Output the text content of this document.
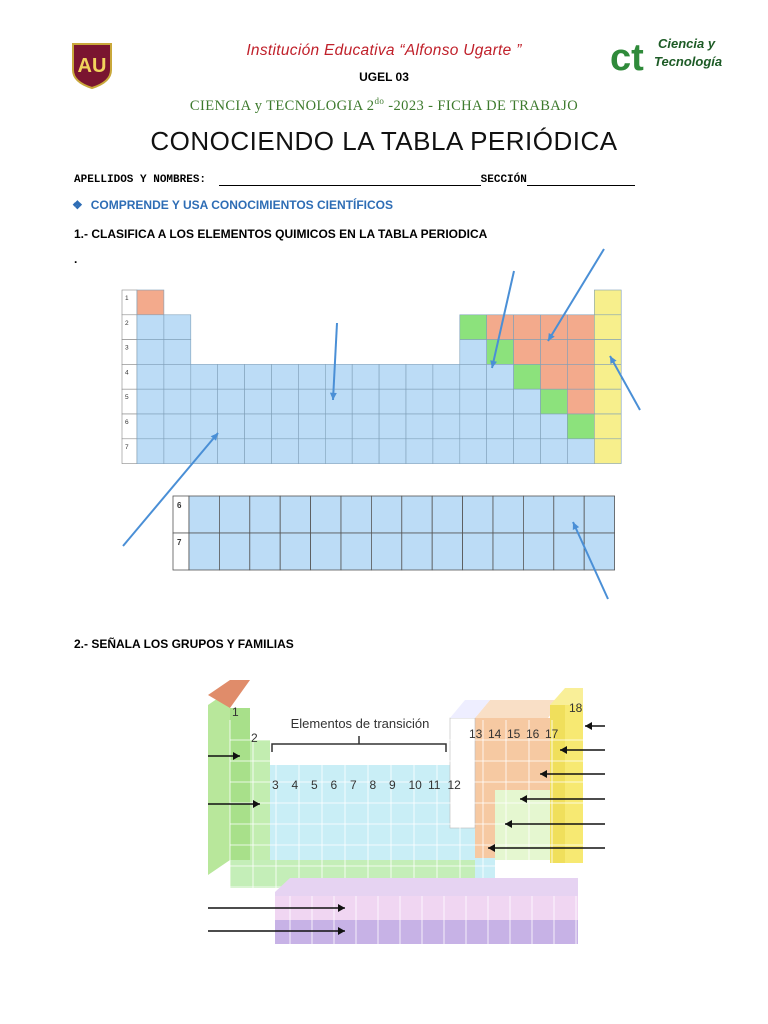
AU	ct Ciencia y
Tecnología
Institución Educativa “Alfonso Ugarte ”
UGEL 03
CIENCIA y TECNOLOGIA $2^{do}$ -2023 - FICHA DE TRABAJO
CONOCIENDO LA TABLA PERIÓDICA
APELLIDOS Y NOMBRES:	SECCIÓN
❖ COMPRENDE Y USA CONOCIMIENTOS CIENTÍFICOS
1.- CLASIFICA A LOS ELEMENTOS QUIMICOS EN LA TABLA PERIODICA
.
1
2
3
4
5
6
7
6
7
2.- SEÑALA LOS GRUPOS Y FAMILIAS
1
2
3 4 5 6 7 8 9 10 11 12
13 14 15 16 17
18
Elementos de transición
